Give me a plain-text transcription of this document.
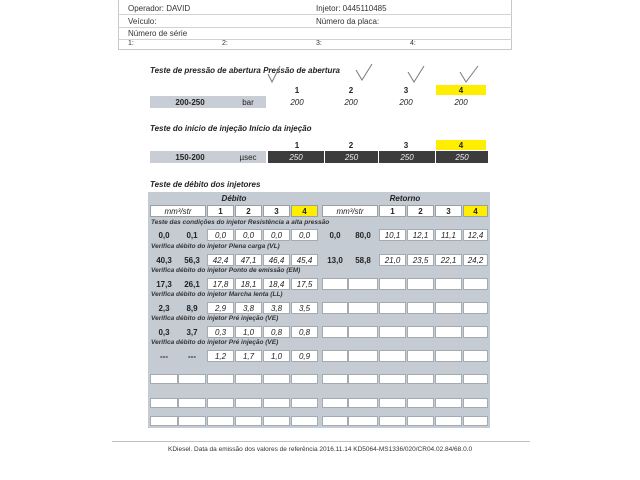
Operador: DAVID	Injetor: 0445110485
Veículo:	Número da placa:
Número de série
1:	2:	3:	4:
Teste de pressão de abertura Pressão de abertura
1	2	3	4
200-250	bar	200	200	200	200
Teste do início de injeção Início da injeção
1	2	3	4
150-200	µsec	250	250	250	250
Teste de débito dos injetores
Débito	Retorno
mm³/str	1	2	3	4	mm³/str	1	2	3	4
Teste das condições do injetor Resistência a alta pressão
0,0	0,1	0,0	0,0	0,0	0,0	0,0	80,0	10,1	12,1	11,1	12,4
Verifica débito do injetor Plena carga (VL)
40,3	56,3	42,4	47,1	46,4	45,4	13,0	58,8	21,0	23,5	22,1	24,2
Verifica débito do injetor Ponto de emissão (EM)
17,3	26,1	17,8	18,1	18,4	17,5
Verifica débito do injetor Marcha lenta (LL)
2,3	8,9	2,9	3,8	3,8	3,5
Verifica débito do injetor Pré injeção (VE)
0,3	3,7	0,3	1,0	0,8	0,8
Verifica débito do injetor Pré injeção (VE)
---	---	1,2	1,7	1,0	0,9
KDiesel. Data da emissão dos valores de referência 2016.11.14 KD5064-MS1336/020/CR04.02.84/68.0.0
